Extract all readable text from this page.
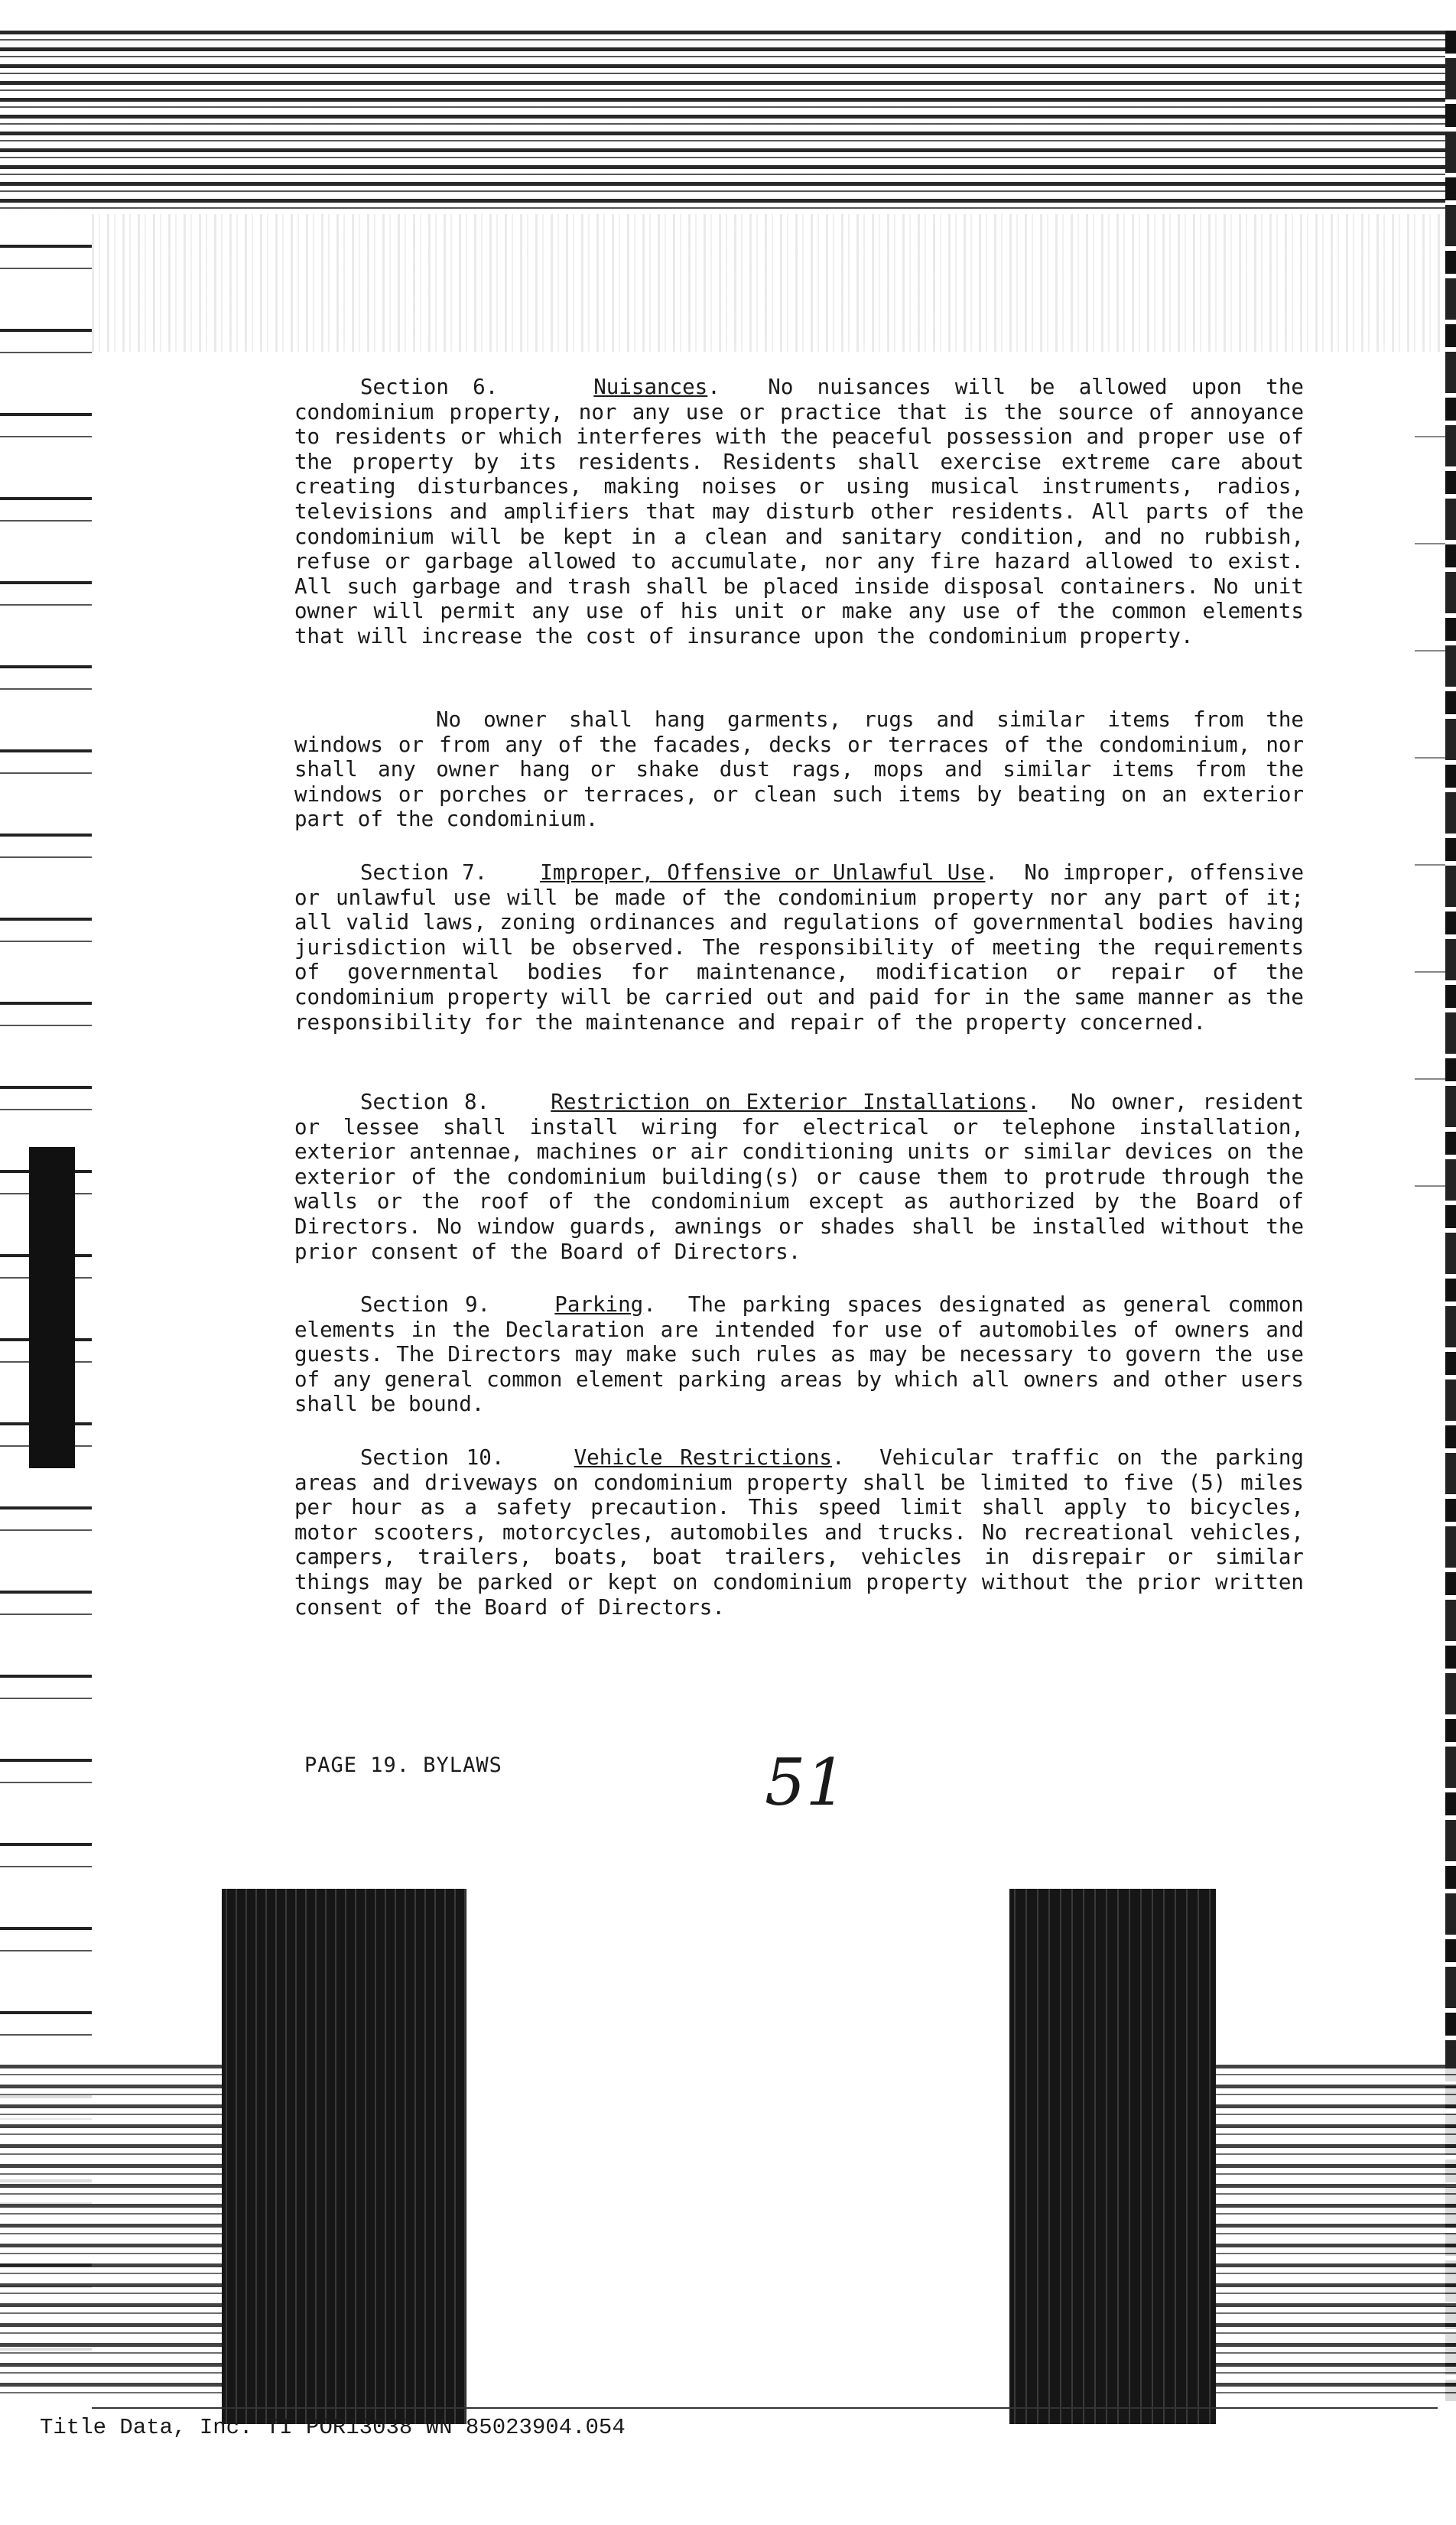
Section 6.	Nuisances.  No nuisances will be allowed upon the condominium property, nor any use or practice that is the source of annoyance to residents or which interferes with the peaceful possession and proper use of the property by its residents. Residents shall exercise extreme care about creating disturbances, making noises or using musical instruments, radios, televisions and amplifiers that may disturb other residents. All parts of the condominium will be kept in a clean and sanitary condition, and no rubbish, refuse or garbage allowed to accumulate, nor any fire hazard allowed to exist. All such garbage and trash shall be placed inside disposal containers. No unit owner will permit any use of his unit or make any use of the common elements that will increase the cost of insurance upon the condominium property.
No owner shall hang garments, rugs and similar items from the windows or from any of the facades, decks or terraces of the condominium, nor shall any owner hang or shake dust rags, mops and similar items from the windows or porches or terraces, or clean such items by beating on an exterior part of the condominium.
Section 7.	Improper, Offensive or Unlawful Use.  No improper, offensive or unlawful use will be made of the condominium property nor any part of it; all valid laws, zoning ordinances and regulations of governmental bodies having jurisdiction will be observed. The responsibility of meeting the requirements of governmental bodies for maintenance, modification or repair of the condominium property will be carried out and paid for in the same manner as the responsibility for the maintenance and repair of the property concerned.
Section 8.	Restriction on Exterior Installations.  No owner, resident or lessee shall install wiring for electrical or telephone installation, exterior antennae, machines or air conditioning units or similar devices on the exterior of the condominium building(s) or cause them to protrude through the walls or the roof of the condominium except as authorized by the Board of Directors. No window guards, awnings or shades shall be installed without the prior consent of the Board of Directors.
Section 9.	Parking.  The parking spaces designated as general common elements in the Declaration are intended for use of automobiles of owners and guests. The Directors may make such rules as may be necessary to govern the use of any general common element parking areas by which all owners and other users shall be bound.
Section 10.	Vehicle Restrictions.  Vehicular traffic on the parking areas and driveways on condominium property shall be limited to five (5) miles per hour as a safety precaution. This speed limit shall apply to bicycles, motor scooters, motorcycles, automobiles and trucks. No recreational vehicles, campers, trailers, boats, boat trailers, vehicles in disrepair or similar things may be parked or kept on condominium property without the prior written consent of the Board of Directors.
PAGE 19. BYLAWS	51
Title Data, Inc. TI POR13038 WN 85023904.054
